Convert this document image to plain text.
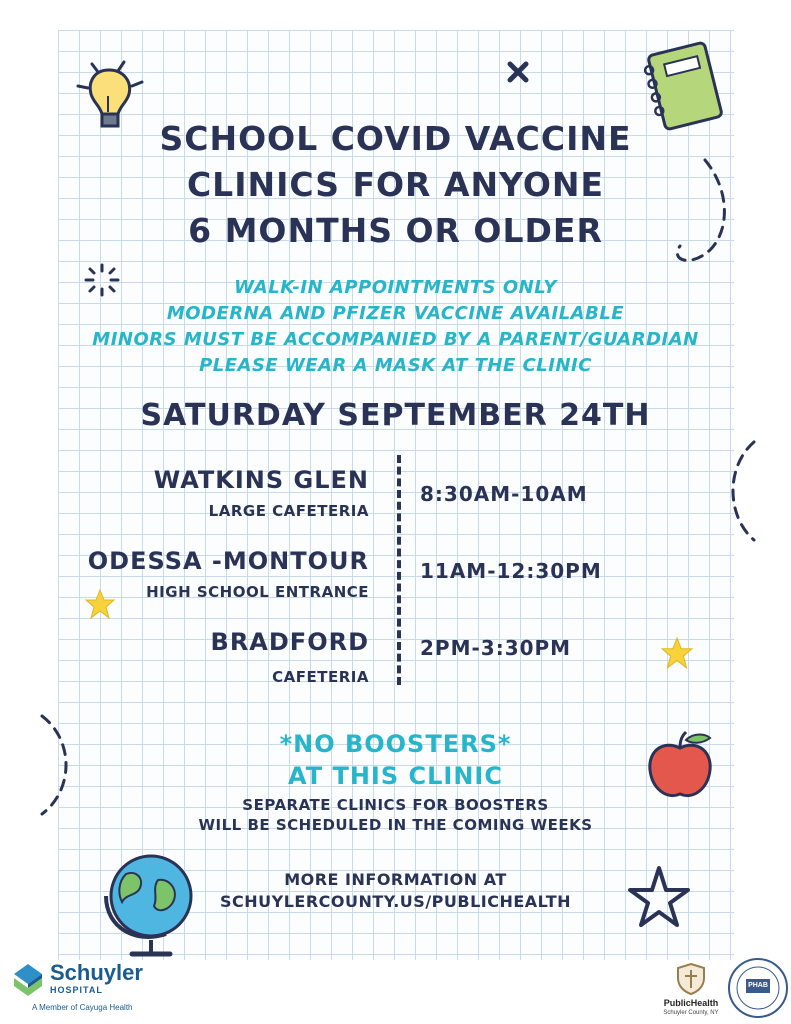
SCHOOL COVID VACCINE
CLINICS FOR ANYONE
6 MONTHS OR OLDER
WALK-IN APPOINTMENTS ONLY
MODERNA AND PFIZER VACCINE AVAILABLE
MINORS MUST BE ACCOMPANIED BY A PARENT/GUARDIAN
PLEASE WEAR A MASK AT THE CLINIC
SATURDAY SEPTEMBER 24TH
WATKINS GLEN
LARGE CAFETERIA
8:30AM-10AM
ODESSA -MONTOUR
HIGH SCHOOL ENTRANCE
11AM-12:30PM
BRADFORD
CAFETERIA
2PM-3:30PM
*NO BOOSTERS*
AT THIS CLINIC
SEPARATE CLINICS FOR BOOSTERS
WILL BE SCHEDULED IN THE COMING WEEKS
MORE INFORMATION AT
SCHUYLERCOUNTY.US/PUBLICHEALTH
Schuyler
HOSPITAL
A Member of Cayuga Health	PublicHealth
Schuyler County, NY
PHAB
